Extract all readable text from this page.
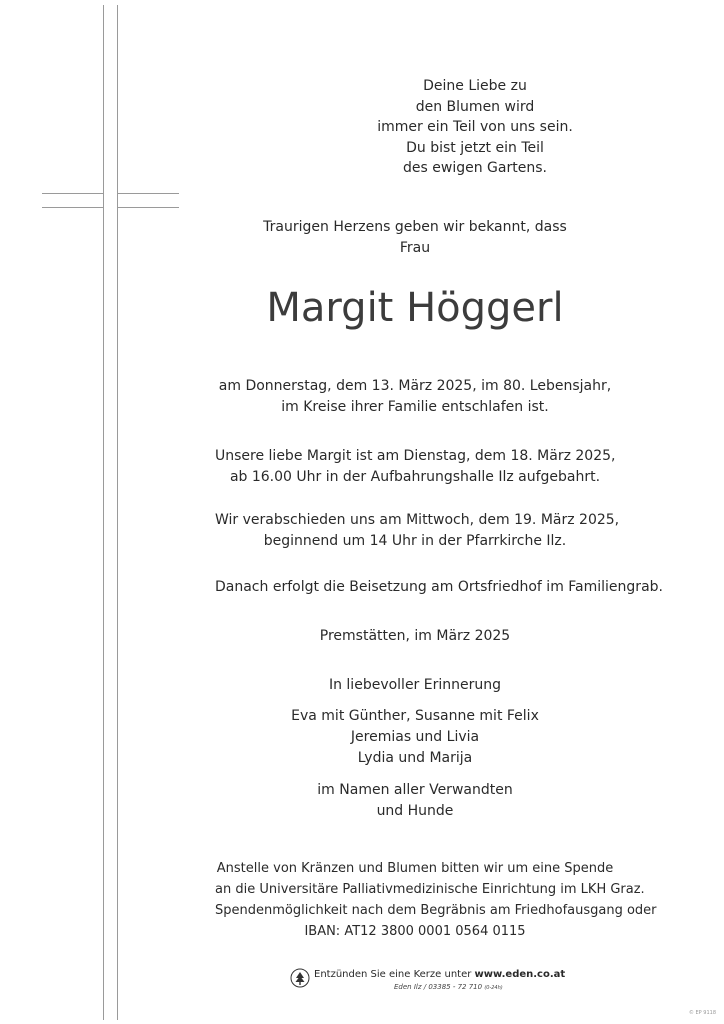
Deine Liebe zu
den Blumen wird
immer ein Teil von uns sein.
Du bist jetzt ein Teil
des ewigen Gartens.
Traurigen Herzens geben wir bekannt, dass
Frau
Margit Höggerl
am Donnerstag, dem 13. März 2025, im 80. Lebensjahr,
im Kreise ihrer Familie entschlafen ist.
Unsere liebe Margit ist am Dienstag, dem 18. März 2025,
ab 16.00 Uhr in der Aufbahrungshalle Ilz aufgebahrt.
Wir verabschieden uns am Mittwoch, dem 19. März 2025,
beginnend um 14 Uhr in der Pfarrkirche Ilz.
Danach erfolgt die Beisetzung am Ortsfriedhof im Familiengrab.
Premstätten, im März 2025
In liebevoller Erinnerung
Eva mit Günther, Susanne mit Felix
Jeremias und Livia
Lydia und Marija
im Namen aller Verwandten
und Hunde
Anstelle von Kränzen und Blumen bitten wir um eine Spende
an die Universitäre Palliativmedizinische Einrichtung im LKH Graz.
Spendenmöglichkeit nach dem Begräbnis am Friedhofausgang oder
IBAN: AT12 3800 0001 0564 0115
Entzünden Sie eine Kerze unter www.eden.co.at
Eden Ilz / 03385 - 72 710 (0-24h)
© EP 9118
